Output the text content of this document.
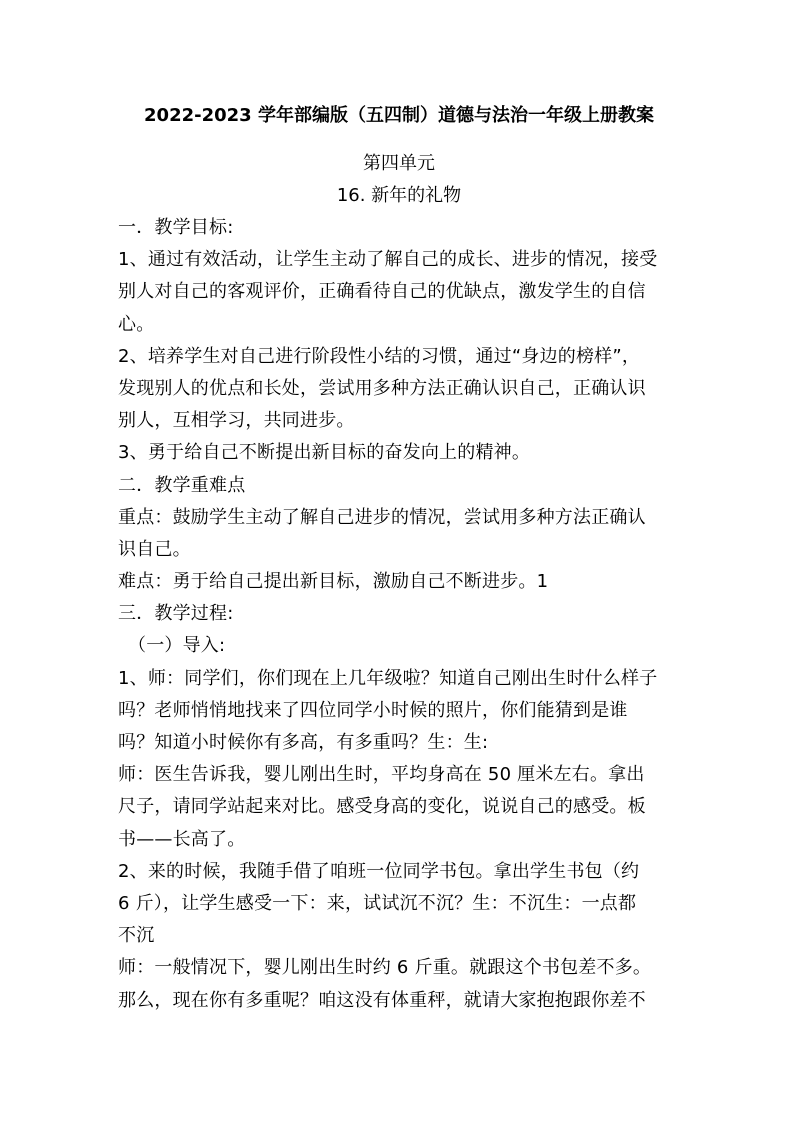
2022-2023 学年部编版（五四制）道德与法治一年级上册教案
第四单元
16. 新年的礼物
一．教学目标:
1、通过有效活动，让学生主动了解自己的成长、进步的情况，接受
别人对自己的客观评价，正确看待自己的优缺点，激发学生的自信
心。
2、培养学生对自己进行阶段性小结的习惯，通过“身边的榜样”，
发现别人的优点和长处，尝试用多种方法正确认识自己，正确认识
别人，互相学习，共同进步。
3、勇于给自己不断提出新目标的奋发向上的精神。
二．教学重难点
重点：鼓励学生主动了解自己进步的情况，尝试用多种方法正确认
识自己。
难点：勇于给自己提出新目标，激励自己不断进步。1
三．教学过程:
（一）导入:
1、师：同学们，你们现在上几年级啦？知道自己刚出生时什么样子
吗？老师悄悄地找来了四位同学小时候的照片，你们能猜到是谁
吗？知道小时候你有多高，有多重吗？生：生:
师：医生告诉我，婴儿刚出生时，平均身高在 50 厘米左右。拿出
尺子，请同学站起来对比。感受身高的变化，说说自己的感受。板
书——长高了。
2、来的时候，我随手借了咱班一位同学书包。拿出学生书包（约
6 斤），让学生感受一下：来，试试沉不沉？生：不沉生：一点都
不沉
师：一般情况下，婴儿刚出生时约 6 斤重。就跟这个书包差不多。
那么，现在你有多重呢？咱这没有体重秤，就请大家抱抱跟你差不
